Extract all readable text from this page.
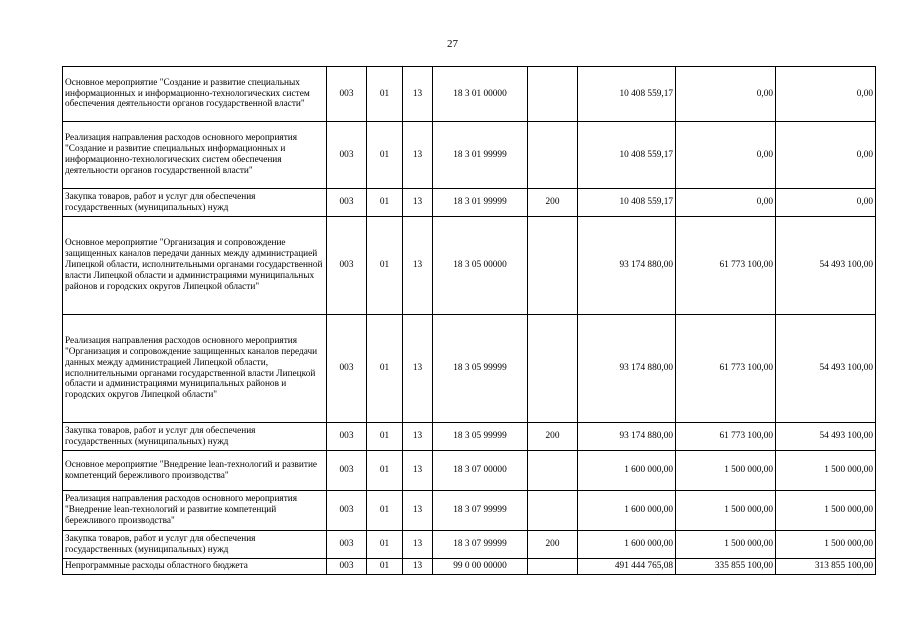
27
Основное мероприятие "Создание и развитие специальных информационных и информационно-технологических систем обеспечения деятельности органов государственной власти"	003	01	13	18 3 01 00000		10 408 559,17	0,00	0,00
Реализация направления расходов основного мероприятия "Создание и развитие специальных информационных и информационно-технологических систем обеспечения деятельности органов государственной власти"	003	01	13	18 3 01 99999		10 408 559,17	0,00	0,00
Закупка товаров, работ и услуг для обеспечения государственных (муниципальных) нужд	003	01	13	18 3 01 99999	200	10 408 559,17	0,00	0,00
Основное мероприятие "Организация и сопровождение защищенных каналов передачи данных между администрацией Липецкой области, исполнительными органами государственной власти Липецкой области и администрациями муниципальных районов и городских округов Липецкой области"	003	01	13	18 3 05 00000		93 174 880,00	61 773 100,00	54 493 100,00
Реализация направления расходов основного мероприятия "Организация и сопровождение защищенных каналов передачи данных между администрацией Липецкой области, исполнительными органами государственной власти Липецкой области и администрациями муниципальных районов и городских округов Липецкой области"	003	01	13	18 3 05 99999		93 174 880,00	61 773 100,00	54 493 100,00
Закупка товаров, работ и услуг для обеспечения государственных (муниципальных) нужд	003	01	13	18 3 05 99999	200	93 174 880,00	61 773 100,00	54 493 100,00
Основное мероприятие "Внедрение lean-технологий и развитие компетенций бережливого производства"	003	01	13	18 3 07 00000		1 600 000,00	1 500 000,00	1 500 000,00
Реализация направления расходов основного мероприятия "Внедрение lean-технологий и развитие компетенций бережливого производства"	003	01	13	18 3 07 99999		1 600 000,00	1 500 000,00	1 500 000,00
Закупка товаров, работ и услуг для обеспечения государственных (муниципальных) нужд	003	01	13	18 3 07 99999	200	1 600 000,00	1 500 000,00	1 500 000,00
Непрограммные расходы областного бюджета	003	01	13	99 0 00 00000		491 444 765,08	335 855 100,00	313 855 100,00
